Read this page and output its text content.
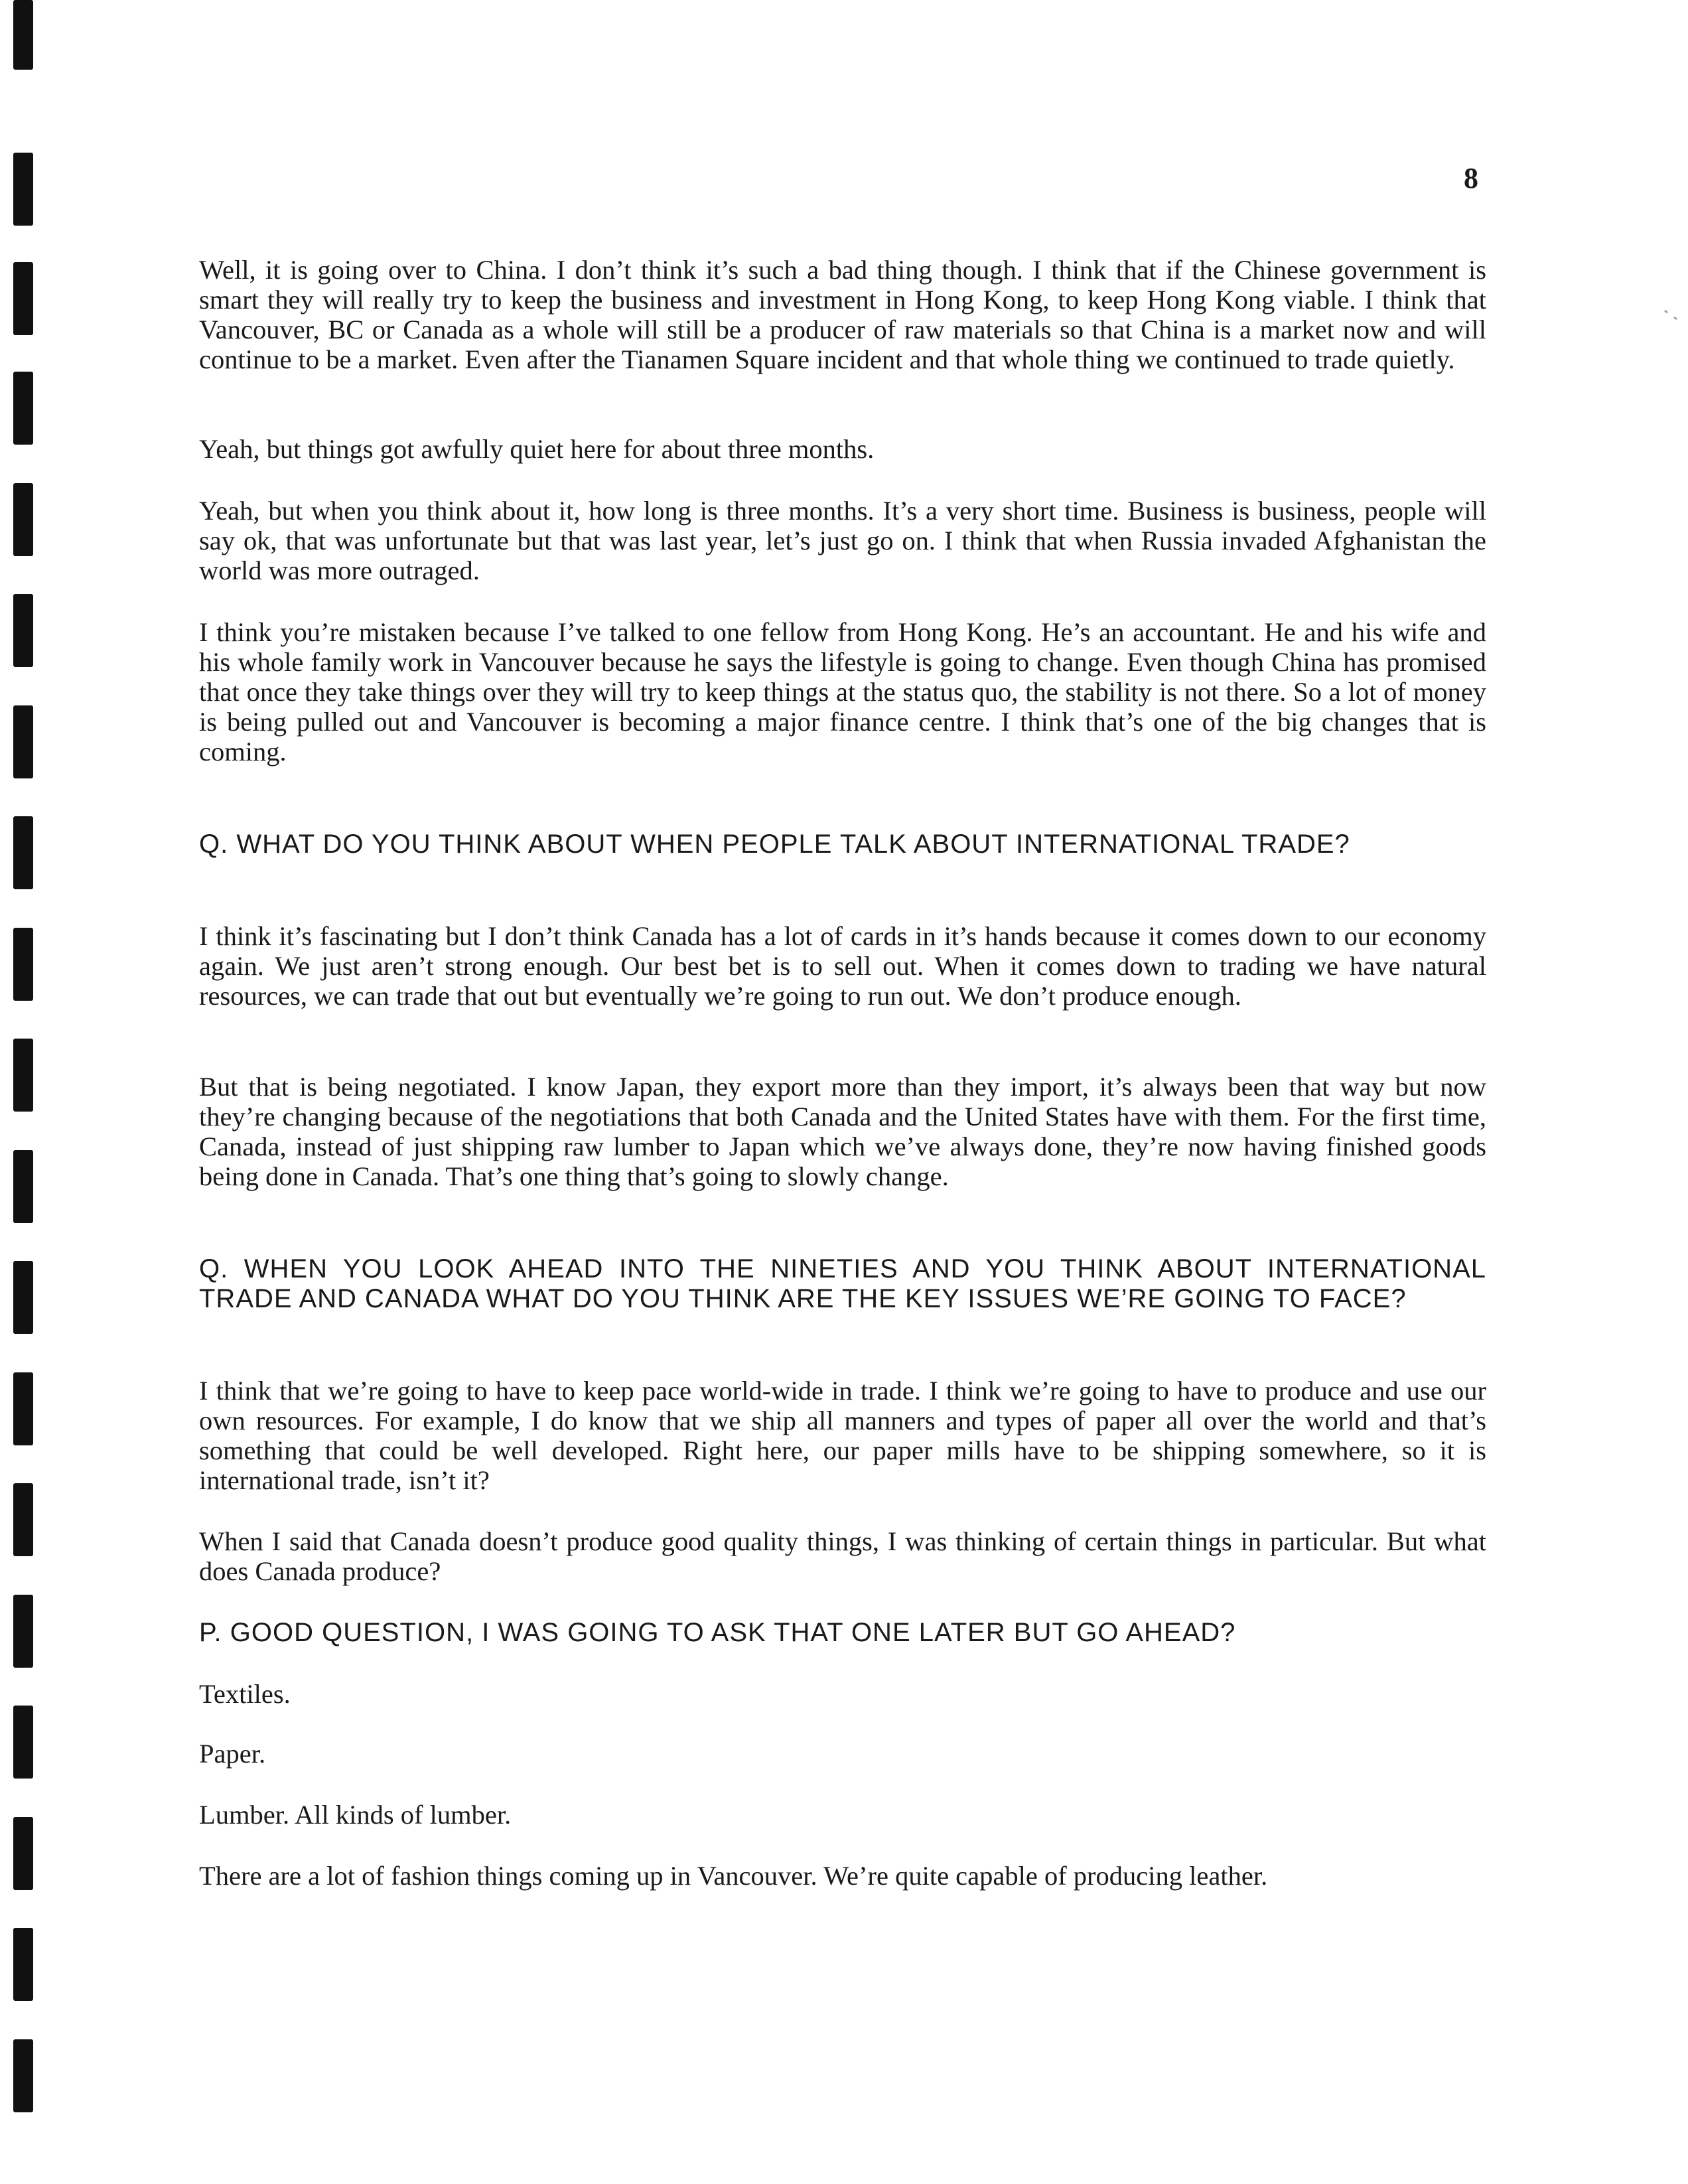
8

Well, it is going over to China. I don’t think it’s such a bad thing though. I think that if the Chinese government is smart they will really try to keep the business and investment in Hong Kong, to keep Hong Kong viable. I think that Vancouver, BC or Canada as a whole will still be a producer of raw materials so that China is a market now and will continue to be a market. Even after the Tianamen Square incident and that whole thing we continued to trade quietly.

Yeah, but things got awfully quiet here for about three months.

Yeah, but when you think about it, how long is three months. It’s a very short time. Business is business, people will say ok, that was unfortunate but that was last year, let’s just go on. I think that when Russia invaded Afghanistan the world was more outraged.

I think you’re mistaken because I’ve talked to one fellow from Hong Kong. He’s an accountant. He and his wife and his whole family work in Vancouver because he says the lifestyle is going to change. Even though China has promised that once they take things over they will try to keep things at the status quo, the stability is not there. So a lot of money is being pulled out and Vancouver is becoming a major finance centre. I think that’s one of the big changes that is coming.

Q. WHAT DO YOU THINK ABOUT WHEN PEOPLE TALK ABOUT INTERNATIONAL TRADE?

I think it’s fascinating but I don’t think Canada has a lot of cards in it’s hands because it comes down to our economy again. We just aren’t strong enough. Our best bet is to sell out. When it comes down to trading we have natural resources, we can trade that out but eventually we’re going to run out. We don’t produce enough.

But that is being negotiated. I know Japan, they export more than they import, it’s always been that way but now they’re changing because of the negotiations that both Canada and the United States have with them. For the first time, Canada, instead of just shipping raw lumber to Japan which we’ve always done, they’re now having finished goods being done in Canada. That’s one thing that’s going to slowly change.

Q. WHEN YOU LOOK AHEAD INTO THE NINETIES AND YOU THINK ABOUT INTERNATIONAL TRADE AND CANADA WHAT DO YOU THINK ARE THE KEY ISSUES WE’RE GOING TO FACE?

I think that we’re going to have to keep pace world-wide in trade. I think we’re going to have to produce and use our own resources. For example, I do know that we ship all manners and types of paper all over the world and that’s something that could be well developed. Right here, our paper mills have to be shipping somewhere, so it is international trade, isn’t it?

When I said that Canada doesn’t produce good quality things, I was thinking of certain things in particular. But what does Canada produce?

P. GOOD QUESTION, I WAS GOING TO ASK THAT ONE LATER BUT GO AHEAD?

Textiles.

Paper.

Lumber. All kinds of lumber.

There are a lot of fashion things coming up in Vancouver. We’re quite capable of producing leather.
